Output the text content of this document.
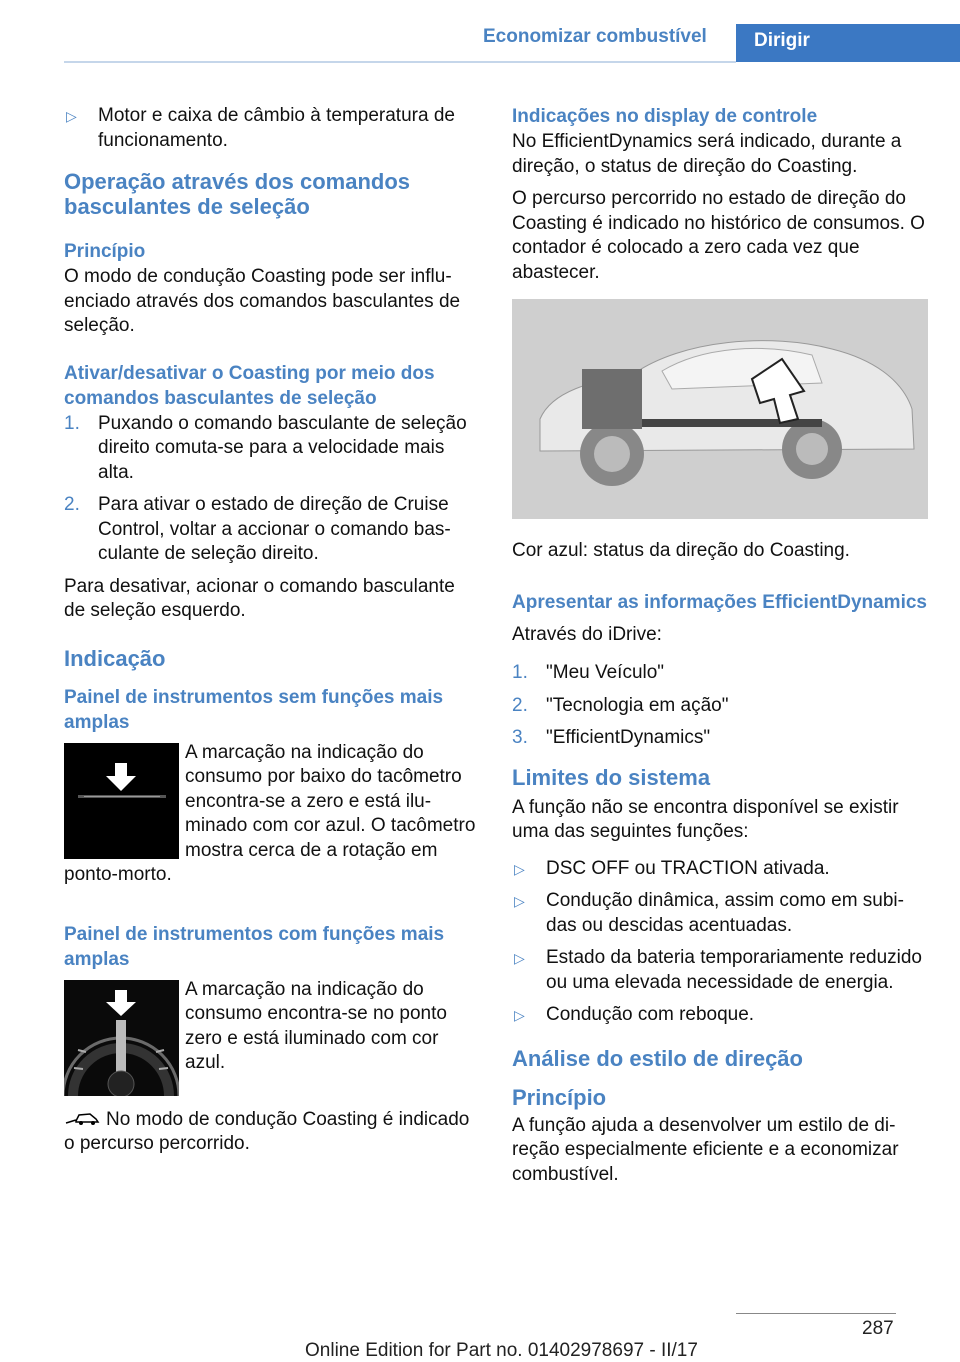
Economizar combustível Dirigir
▷ Motor e caixa de câmbio à temperatura de funcionamento.
Operação através dos comandos basculantes de seleção
Princípio

O modo de condução Coasting pode ser influenciado através dos comandos basculantes de seleção.

Ativar/desativar o Coasting por meio dos comandos basculantes de seleção
1. Puxando o comando basculante de seleção direito comuta-se para a velocidade mais alta.
2. Para ativar o estado de direção de Cruise Control, voltar a accionar o comando basculante de seleção direito.

Para desativar, acionar o comando basculante de seleção esquerdo.

Indicação
Painel de instrumentos sem funções mais amplas

A marcação na indicação do consumo por baixo do tacômetro encontra-se a zero e está iluminado com cor azul. O tacômetro mostra cerca de a rotação em ponto-morto.

Painel de instrumentos com funções mais amplas

A marcação na indicação do consumo encontra-se no ponto zero e está iluminado com cor azul.

No modo de condução Coasting é indicado o percurso percorrido.

Indicações no display de controle

No EfficientDynamics será indicado, durante a direção, o status de direção do Coasting.

O percurso percorrido no estado de direção do Coasting é indicado no histórico de consumos. O contador é colocado a zero cada vez que abastecer.

Cor azul: status da direção do Coasting.

Apresentar as informações EfficientDynamics

Através do iDrive:

1. "Meu Veículo"
2. "Tecnologia em ação"
3. "EfficientDynamics"
Limites do sistema

A função não se encontra disponível se existir uma das seguintes funções:

▷ DSC OFF ou TRACTION ativada.
▷ Condução dinâmica, assim como em subidas ou descidas acentuadas.
▷ Estado da bateria temporariamente reduzido ou uma elevada necessidade de energia.
▷ Condução com reboque.
Análise do estilo de direção
Princípio

A função ajuda a desenvolver um estilo de direção especialmente eficiente e a economizar combustível.

287
Online Edition for Part no. 01402978697 - II/17
